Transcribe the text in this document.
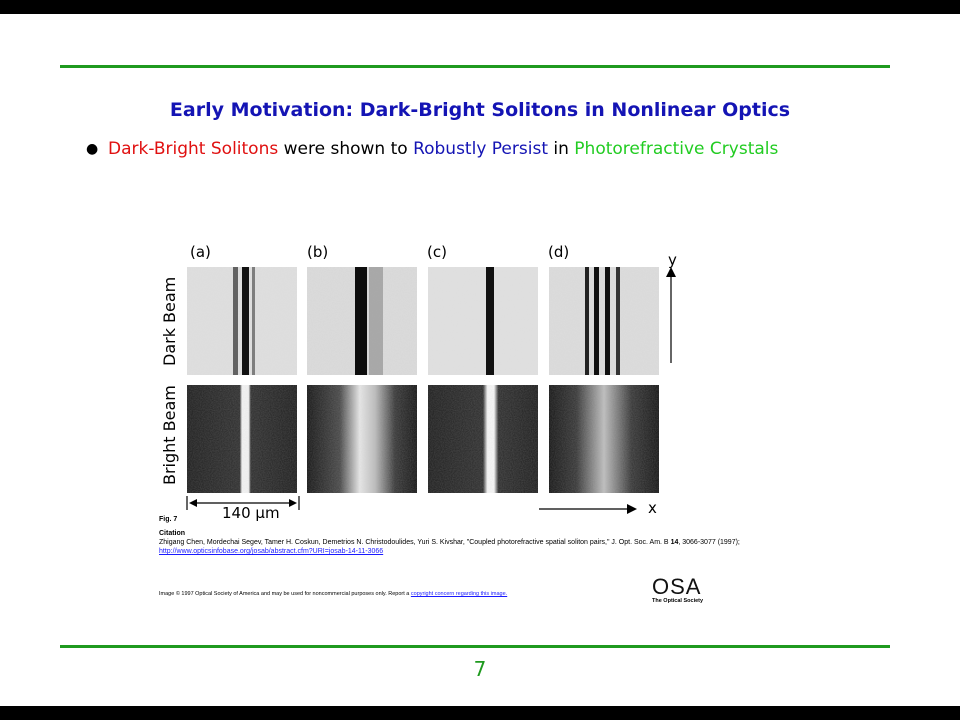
Early Motivation: Dark-Bright Solitons in Nonlinear Optics
● Dark-Bright Solitons were shown to Robustly Persist in Photorefractive Crystals
(a)	(b)	(c)	(d)
Dark Beam
Bright Beam
y
x
140 μm
Fig. 7
Citation
Zhigang Chen, Mordechai Segev, Tamer H. Coskun, Demetrios N. Christodoulides, Yuri S. Kivshar, "Coupled photorefractive spatial soliton pairs," J. Opt. Soc. Am. B 14, 3066-3077 (1997);
http://www.opticsinfobase.org/josab/abstract.cfm?URI=josab-14-11-3066
Image © 1997 Optical Society of America and may be used for noncommercial purposes only. Report a copyright concern regarding this image.	OSA
The Optical Society
7
